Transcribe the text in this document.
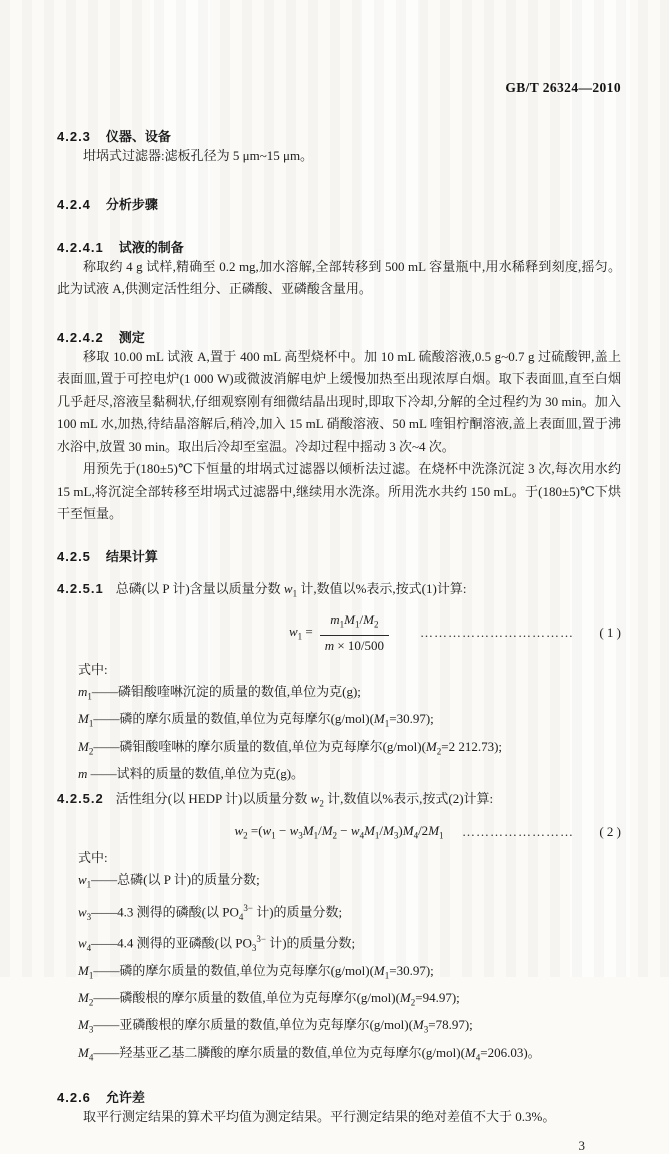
GB/T 26324—2010
4.2.3 仪器、设备

坩埚式过滤器:滤板孔径为 5 μm~15 μm。

4.2.4 分析步骤
4.2.4.1 试液的制备

称取约 4 g 试样,精确至 0.2 mg,加水溶解,全部转移到 500 mL 容量瓶中,用水稀释到刻度,摇匀。此为试液 A,供测定活性组分、正磷酸、亚磷酸含量用。

4.2.4.2 测定

移取 10.00 mL 试液 A,置于 400 mL 高型烧杯中。加 10 mL 硫酸溶液,0.5 g~0.7 g 过硫酸钾,盖上表面皿,置于可控电炉(1 000 W)或微波消解电炉上缓慢加热至出现浓厚白烟。取下表面皿,直至白烟几乎赶尽,溶液呈黏稠状,仔细观察刚有细微结晶出现时,即取下冷却,分解的全过程约为 30 min。加入 100 mL 水,加热,待结晶溶解后,稍冷,加入 15 mL 硝酸溶液、50 mL 喹钼柠酮溶液,盖上表面皿,置于沸水浴中,放置 30 min。取出后冷却至室温。冷却过程中摇动 3 次~4 次。

用预先于(180±5)℃下恒量的坩埚式过滤器以倾析法过滤。在烧杯中洗涤沉淀 3 次,每次用水约 15 mL,将沉淀全部转移至坩埚式过滤器中,继续用水洗涤。所用洗水共约 150 mL。于(180±5)℃下烘干至恒量。

4.2.5 结果计算

4.2.5.1 总磷(以 P 计)含量以质量分数 $w_1$ 计,数值以%表示,按式(1)计算:

$w_1 = \frac{m_1M_1/M_2}{m \times 10/500}$ …………………………… ( 1 )

式中:

$m_1——$磷钼酸喹啉沉淀的质量的数值,单位为克(g);

$M_1——$磷的摩尔质量的数值,单位为克每摩尔$(g/mol)(M_1=30.97)$;

$M_2——$磷钼酸喹啉的摩尔质量的数值,单位为克每摩尔$(g/mol)(M_2=2$ 212.73);

m ——试料的质量的数值,单位为克(g)。

4.2.5.2 活性组分(以 HEDP 计)以质量分数 $w_2$ 计,数值以%表示,按式(2)计算:

$w_2 =(w_1 - w_3M_1/M_2 - w_4M_1/M_3)M_4/2M_1$ …………………… ( 2 )

式中:

$w_1——$总磷(以 P 计)的质量分数;

$w_3——4.3$ 测得的磷酸(以 $PO_4^{3-}$ 计)的质量分数;

$w_4——4.4$ 测得的亚磷酸(以 $PO_3^{3-}$ 计)的质量分数;

$M_1——$磷的摩尔质量的数值,单位为克每摩尔$(g/mol)(M_1=30.97)$;

$M_2——$磷酸根的摩尔质量的数值,单位为克每摩尔$(g/mol)(M_2=94.97)$;

$M_3——$亚磷酸根的摩尔质量的数值,单位为克每摩尔$(g/mol)(M_3=78.97)$;

$M_4——$羟基亚乙基二膦酸的摩尔质量的数值,单位为克每摩尔$(g/mol)(M_4=206.03)$。

4.2.6 允许差

取平行测定结果的算术平均值为测定结果。平行测定结果的绝对差值不大于 0.3%。

3
